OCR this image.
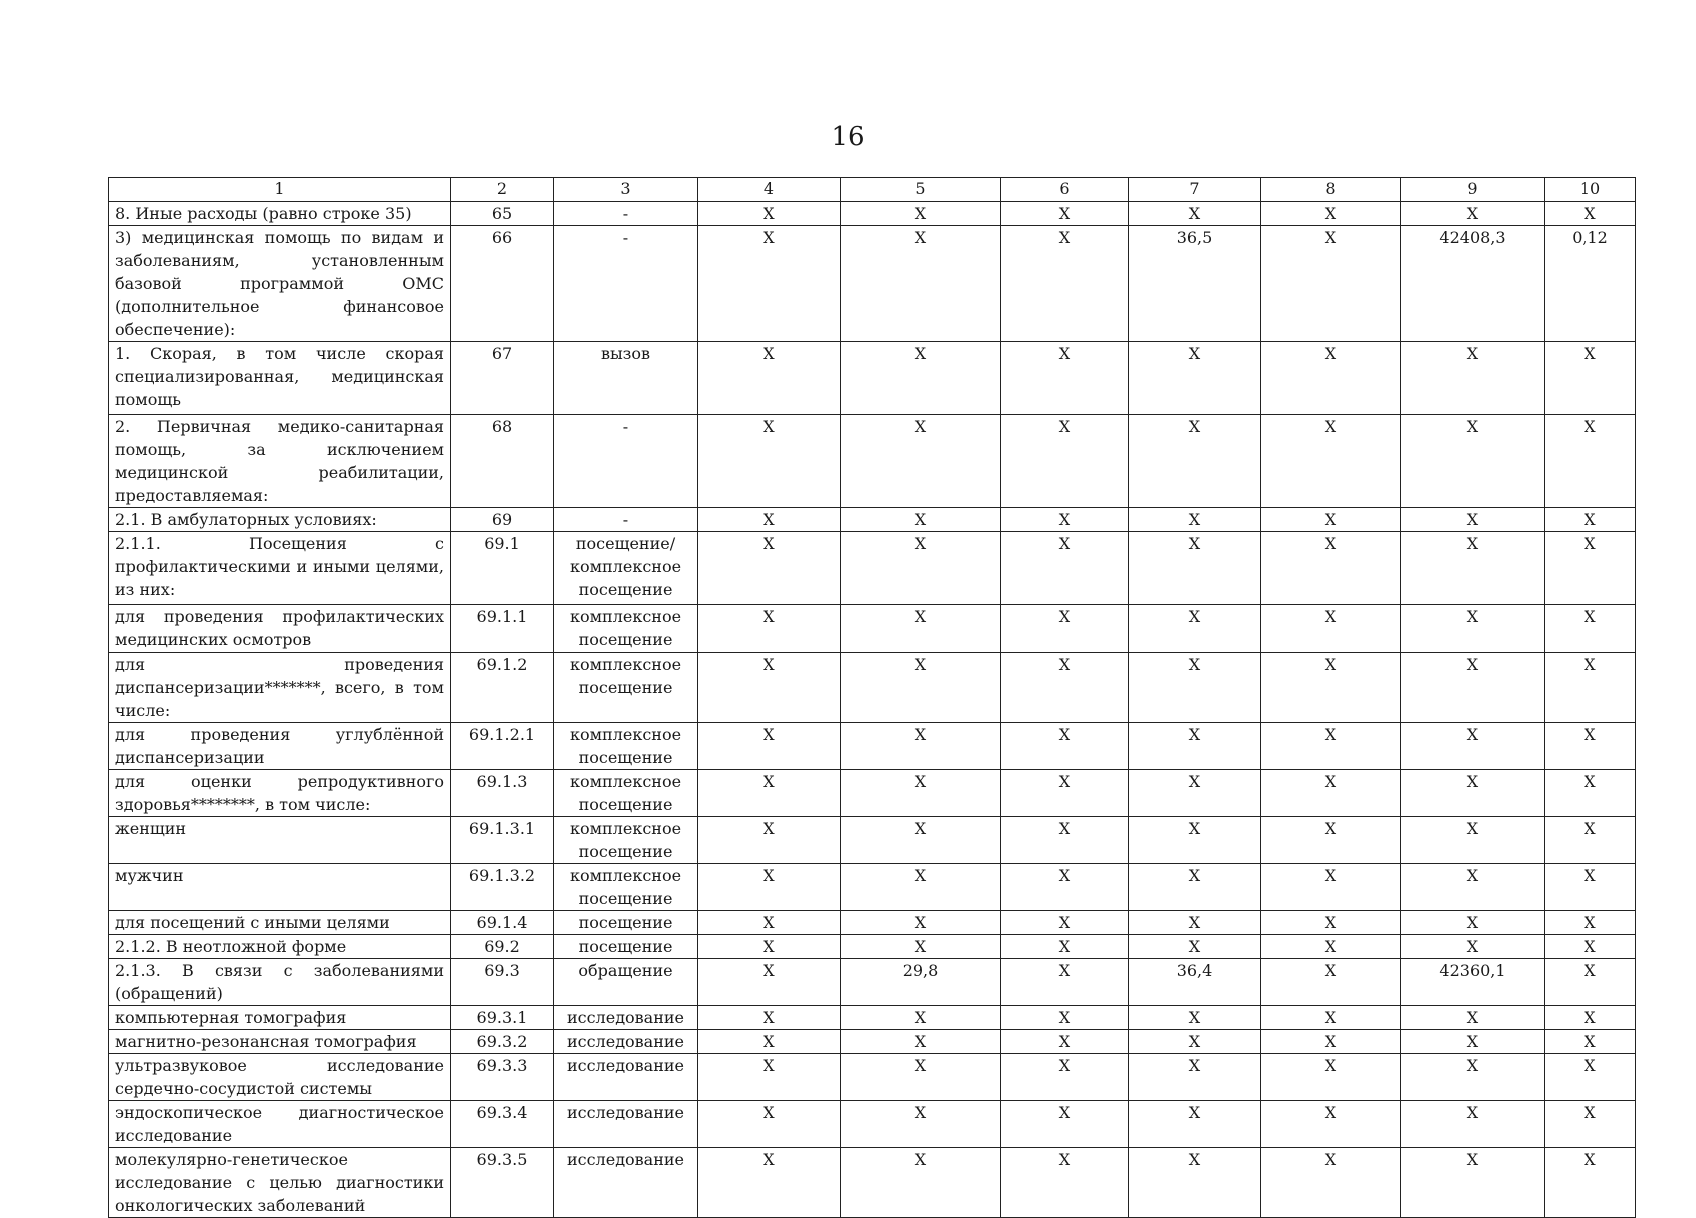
16
1	2	3	4	5	6	7	8	9	10
8. Иные расходы (равно строке 35)	65	-	X	X	X	X	X	X	X
3) медицинская помощь по видам и заболеваниям, установленным базовой программой ОМС (дополнительное финансовое обеспечение):	66	-	X	X	X	36,5	X	42408,3	0,12
1. Скорая, в том числе скорая специализированная, медицинская помощь	67	вызов	X	X	X	X	X	X	X
2. Первичная медико-санитарная помощь, за исключением медицинской реабилитации, предоставляемая:	68	-	X	X	X	X	X	X	X
2.1. В амбулаторных условиях:	69	-	X	X	X	X	X	X	X
2.1.1. Посещения с профилактическими и иными целями, из них:	69.1	посещение/ комплексное посещение	X	X	X	X	X	X	X
для проведения профилактических медицинских осмотров	69.1.1	комплексное посещение	X	X	X	X	X	X	X
для проведения диспансеризации*******, всего, в том числе:	69.1.2	комплексное посещение	X	X	X	X	X	X	X
для проведения углублённой диспансеризации	69.1.2.1	комплексное посещение	X	X	X	X	X	X	X
для оценки репродуктивного здоровья********, в том числе:	69.1.3	комплексное посещение	X	X	X	X	X	X	X
женщин	69.1.3.1	комплексное посещение	X	X	X	X	X	X	X
мужчин	69.1.3.2	комплексное посещение	X	X	X	X	X	X	X
для посещений с иными целями	69.1.4	посещение	X	X	X	X	X	X	X
2.1.2. В неотложной форме	69.2	посещение	X	X	X	X	X	X	X
2.1.3. В связи с заболеваниями (обращений)	69.3	обращение	X	29,8	X	36,4	X	42360,1	X
компьютерная томография	69.3.1	исследование	X	X	X	X	X	X	X
магнитно-резонансная томография	69.3.2	исследование	X	X	X	X	X	X	X
ультразвуковое исследование сердечно-сосудистой системы	69.3.3	исследование	X	X	X	X	X	X	X
эндоскопическое диагностическое исследование	69.3.4	исследование	X	X	X	X	X	X	X
молекулярно-генетическое исследование с целью диагностики онкологических заболеваний	69.3.5	исследование	X	X	X	X	X	X	X
